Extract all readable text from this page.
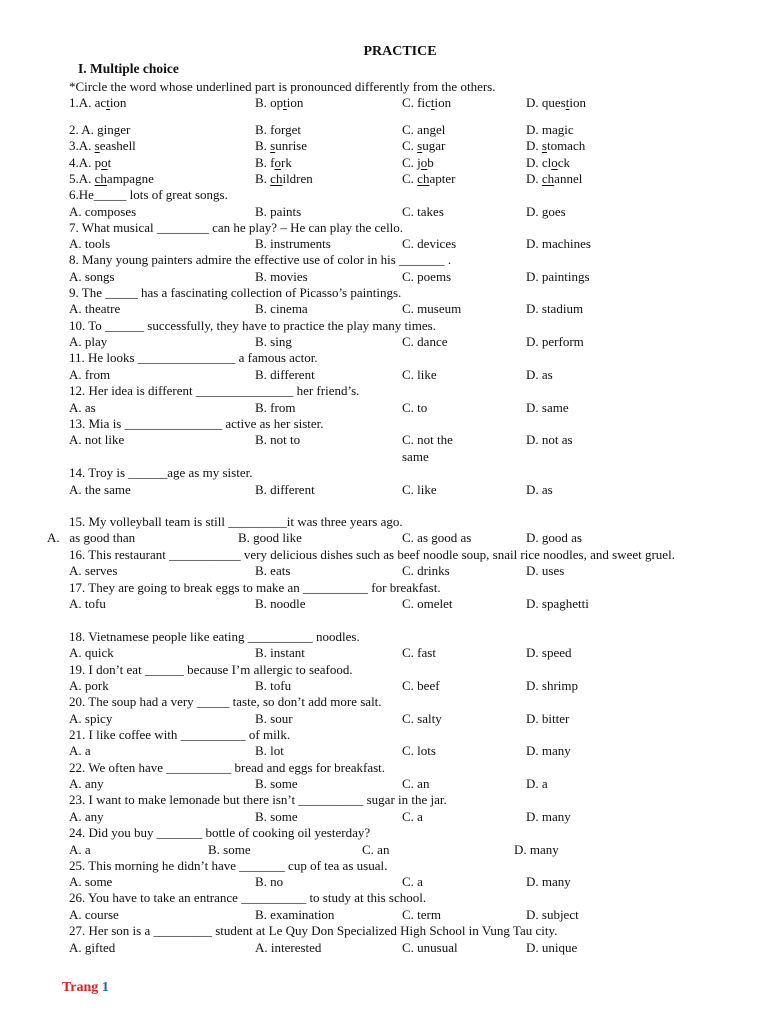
PRACTICE
I. Multiple choice
*Circle the word whose underlined part is pronounced differently from the others.
1.A. action	B. option	C. fiction	D. question
2. A. ginger	B. forget	C. angel	D. magic
3.A. seashell	B. sunrise	C. sugar	D. stomach
4.A. pot	B. fork	C. job	D. clock
5.A. champagne	B. children	C. chapter	D. channel
6.He_____ lots of great songs.
A. composes	B. paints	C. takes	D. goes
7. What musical ________ can he play? – He can play the cello.
A. tools	B. instruments	C. devices	D. machines
8. Many young painters admire the effective use of color in his _______ .
A. songs	B. movies	C. poems	D. paintings
9. The _____ has a fascinating collection of Picasso’s paintings.
A. theatre	B. cinema	C. museum	D. stadium
10. To ______ successfully, they have to practice the play many times.
A. play	B. sing	C. dance	D. perform
11. He looks _______________ a famous actor.
A. from	B. different	C. like	D. as
12. Her idea is different _______________ her friend’s.
A. as	B. from	C. to	D. same
13. Mia is _______________ active as her sister.
A. not like	B. not to	C. not the	D. not as
same
14. Troy is ______age as my sister.
A. the same	B. different	C. like	D. as
15. My volleyball team is still _________it was three years ago.
A.   as good than	B. good like	C. as good as	D. good as
16. This restaurant ___________ very delicious dishes such as beef noodle soup, snail rice noodles, and sweet gruel.
A. serves	B. eats	C. drinks	D. uses
17. They are going to break eggs to make an __________ for breakfast.
A. tofu	B. noodle	C. omelet	D. spaghetti
18. Vietnamese people like eating __________ noodles.
A. quick	B. instant	C. fast	D. speed
19. I don’t eat ______ because I’m allergic to seafood.
A. pork	B. tofu	C. beef	D. shrimp
20. The soup had a very _____ taste, so don’t add more salt.
A. spicy	B. sour	C. salty	D. bitter
21. I like coffee with __________ of milk.
A. a	B. lot	C. lots	D. many
22. We often have __________ bread and eggs for breakfast.
A. any	B. some	C. an	D. a
23. I want to make lemonade but there isn’t __________ sugar in the jar.
A. any	B. some	C. a	D. many
24. Did you buy _______ bottle of cooking oil yesterday?
A. a	B. some	C. an	D. many
25. This morning he didn’t have _______ cup of tea as usual.
A. some	B. no	C. a	D. many
26. You have to take an entrance __________ to study at this school.
A. course	B. examination	C. term	D. subject
27. Her son is a _________ student at Le Quy Don Specialized High School in Vung Tau city.
A. gifted	A. interested	C. unusual	D. unique
Trang 1
